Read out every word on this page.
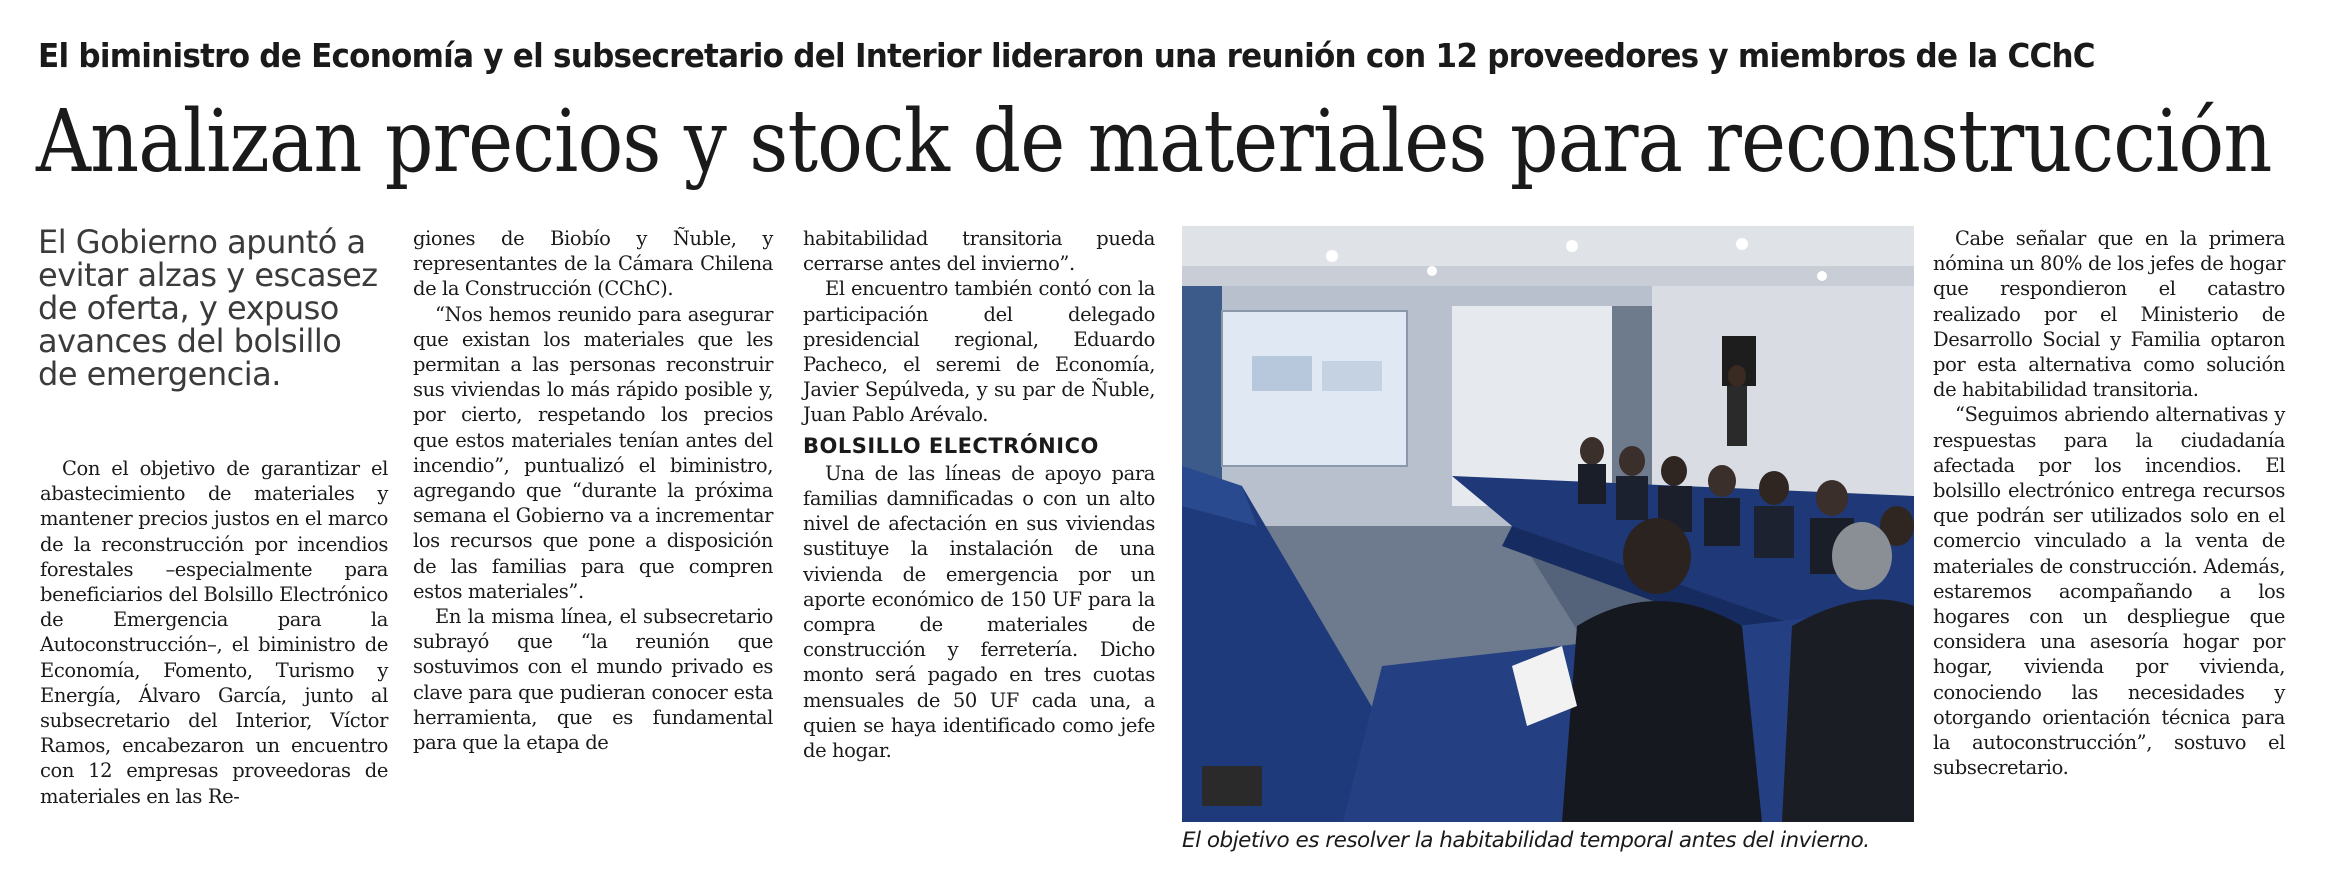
El biministro de Economía y el subsecretario del Interior lideraron una reunión con 12 proveedores y miembros de la CChC
Analizan precios y stock de materiales para reconstrucción
El Gobierno apuntó a evitar alzas y escasez de oferta, y expuso avances del bolsillo de emergencia.

Con el objetivo de garantizar el abastecimiento de materiales y mantener precios justos en el marco de la reconstrucción por incendios forestales –especialmente para beneficiarios del Bolsillo Electrónico de Emergencia para la Autoconstrucción–, el biministro de Economía, Fomento, Turismo y Energía, Álvaro García, junto al subsecretario del Interior, Víctor Ramos, encabezaron un encuentro con 12 empresas proveedoras de materiales en las Re-

giones de Biobío y Ñuble, y representantes de la Cámara Chilena de la Construcción (CChC).

“Nos hemos reunido para asegurar que existan los materiales que les permitan a las personas reconstruir sus viviendas lo más rápido posible y, por cierto, respetando los precios que estos materiales tenían antes del incendio”, puntualizó el biministro, agregando que “durante la próxima semana el Gobierno va a incrementar los recursos que pone a disposición de las familias para que compren estos materiales”.

En la misma línea, el subsecretario subrayó que “la reunión que sostuvimos con el mundo privado es clave para que pudieran conocer esta herramienta, que es fundamental para que la etapa de

habitabilidad transitoria pueda cerrarse antes del invierno”.

El encuentro también contó con la participación del delegado presidencial regional, Eduardo Pacheco, el seremi de Economía, Javier Sepúlveda, y su par de Ñuble, Juan Pablo Arévalo.

BOLSILLO ELECTRÓNICO

Una de las líneas de apoyo para familias damnificadas o con un alto nivel de afectación en sus viviendas sustituye la instalación de una vivienda de emergencia por un aporte económico de 150 UF para la compra de materiales de construcción y ferretería. Dicho monto será pagado en tres cuotas mensuales de 50 UF cada una, a quien se haya identificado como jefe de hogar.

El objetivo es resolver la habitabilidad temporal antes del invierno.

Cabe señalar que en la primera nómina un 80% de los jefes de hogar que respondieron el catastro realizado por el Ministerio de Desarrollo Social y Familia optaron por esta alternativa como solución de habitabilidad transitoria.

“Seguimos abriendo alternativas y respuestas para la ciudadanía afectada por los incendios. El bolsillo electrónico entrega recursos que podrán ser utilizados solo en el comercio vinculado a la venta de materiales de construcción. Además, estaremos acompañando a los hogares con un despliegue que considera una asesoría hogar por hogar, vivienda por vivienda, conociendo las necesidades y otorgando orientación técnica para la autoconstrucción”, sostuvo el subsecretario.
